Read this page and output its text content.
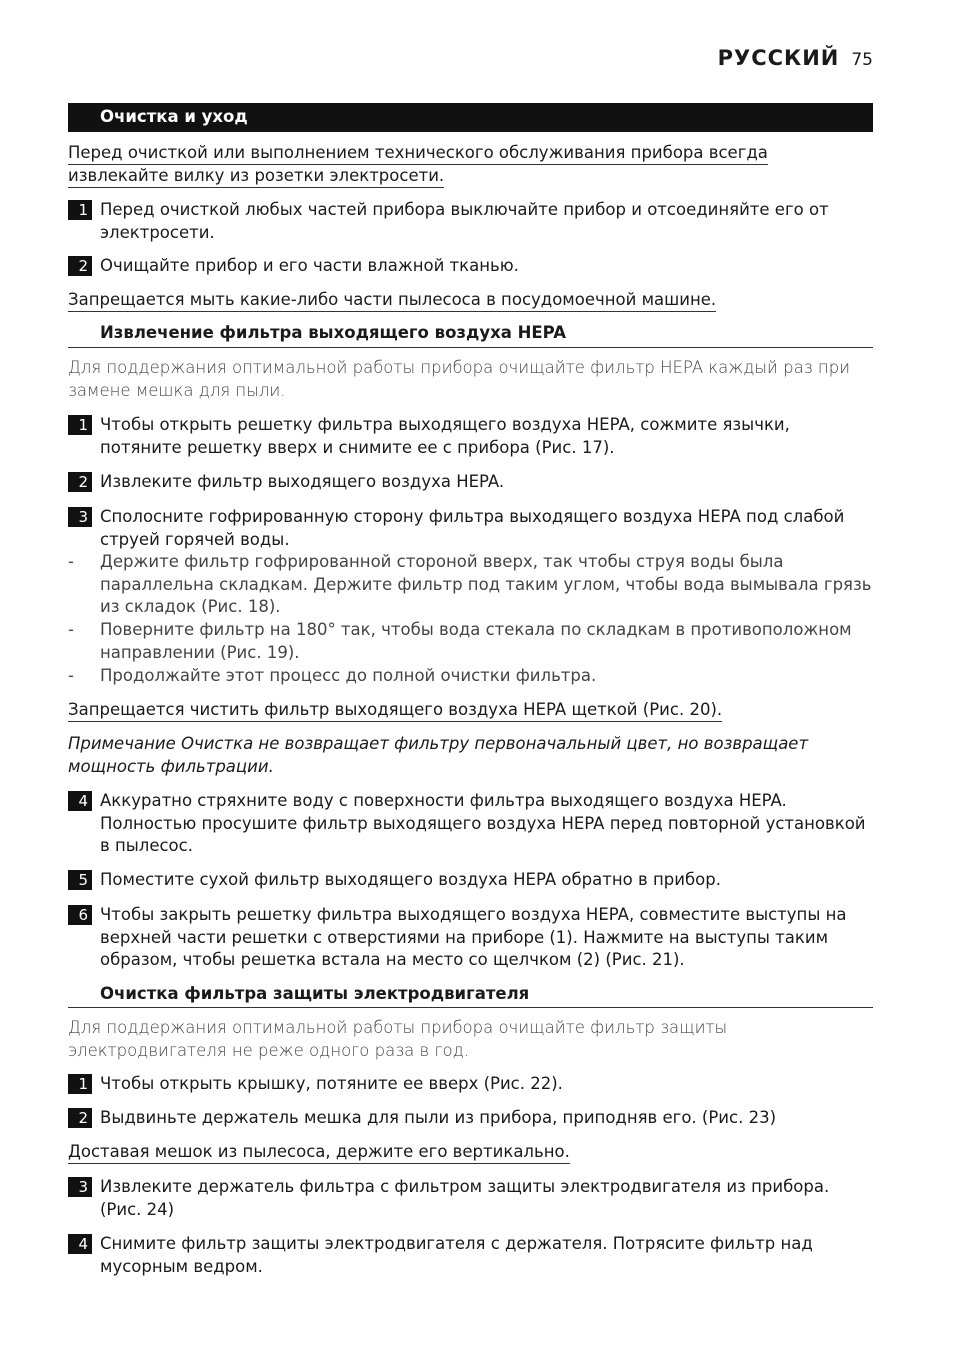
РУССКИЙ 75
Очистка и уход
Перед очисткой или выполнением технического обслуживания прибора всегда извлекайте вилку из розетки электросети.
1 Перед очисткой любых частей прибора выключайте прибор и отсоединяйте его от электросети.
2 Очищайте прибор и его части влажной тканью.
Запрещается мыть какие-либо части пылесоса в посудомоечной машине.
Извлечение фильтра выходящего воздуха HEPA
Для поддержания оптимальной работы прибора очищайте фильтр HEPA каждый раз при замене мешка для пыли.
1 Чтобы открыть решетку фильтра выходящего воздуха HEPA, сожмите язычки, потяните решетку вверх и снимите ее с прибора (Рис. 17).
2 Извлеките фильтр выходящего воздуха HEPA.
3 Сполосните гофрированную сторону фильтра выходящего воздуха HEPA под слабой струей горячей воды.
- Держите фильтр гофрированной стороной вверх, так чтобы струя воды была параллельна складкам. Держите фильтр под таким углом, чтобы вода вымывала грязь из складок (Рис. 18).
- Поверните фильтр на 180° так, чтобы вода стекала по складкам в противоположном направлении (Рис. 19).
- Продолжайте этот процесс до полной очистки фильтра.
Запрещается чистить фильтр выходящего воздуха HEPA щеткой (Рис. 20).
Примечание Очистка не возвращает фильтру первоначальный цвет, но возвращает мощность фильтрации.
4 Аккуратно стряхните воду с поверхности фильтра выходящего воздуха HEPA. Полностью просушите фильтр выходящего воздуха HEPA перед повторной установкой в пылесос.
5 Поместите сухой фильтр выходящего воздуха HEPA обратно в прибор.
6 Чтобы закрыть решетку фильтра выходящего воздуха HEPA, совместите выступы на верхней части решетки с отверстиями на приборе (1). Нажмите на выступы таким образом, чтобы решетка встала на место со щелчком (2) (Рис. 21).
Очистка фильтра защиты электродвигателя
Для поддержания оптимальной работы прибора очищайте фильтр защиты электродвигателя не реже одного раза в год.
1 Чтобы открыть крышку, потяните ее вверх (Рис. 22).
2 Выдвиньте держатель мешка для пыли из прибора, приподняв его. (Рис. 23)
Доставая мешок из пылесоса, держите его вертикально.
3 Извлеките держатель фильтра с фильтром защиты электродвигателя из прибора. (Рис. 24)
4 Снимите фильтр защиты электродвигателя с держателя. Потрясите фильтр над мусорным ведром.
